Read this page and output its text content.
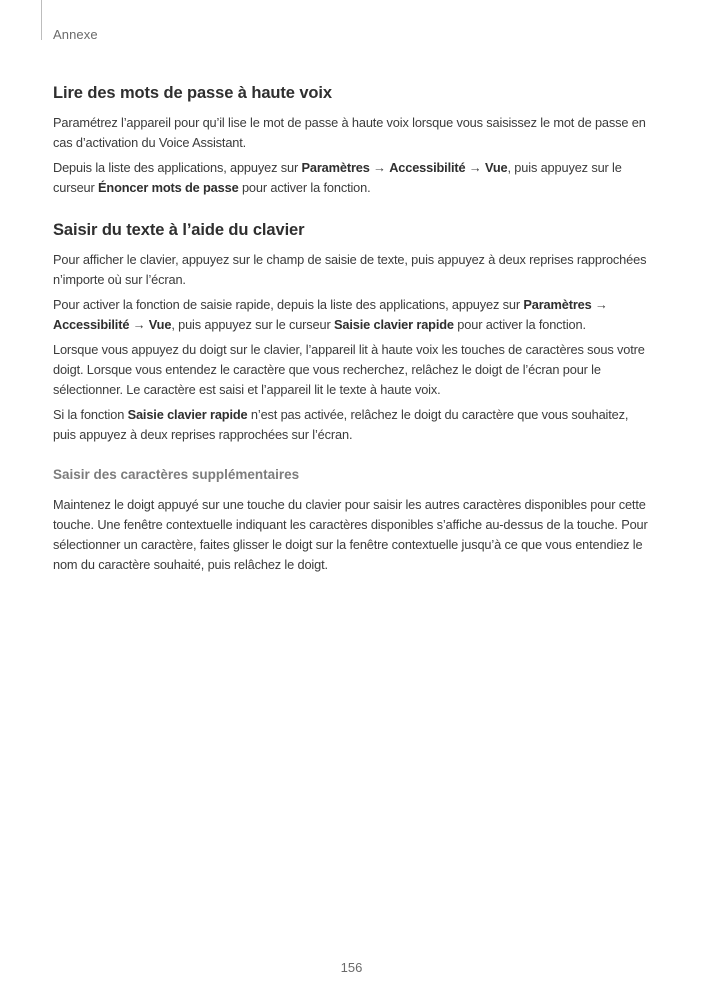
Annexe
Lire des mots de passe à haute voix

Paramétrez l’appareil pour qu’il lise le mot de passe à haute voix lorsque vous saisissez le mot de passe en cas d’activation du Voice Assistant.

Depuis la liste des applications, appuyez sur Paramètres → Accessibilité → Vue, puis appuyez sur le curseur Énoncer mots de passe pour activer la fonction.

Saisir du texte à l’aide du clavier

Pour afficher le clavier, appuyez sur le champ de saisie de texte, puis appuyez à deux reprises rapprochées n’importe où sur l’écran.

Pour activer la fonction de saisie rapide, depuis la liste des applications, appuyez sur Paramètres → Accessibilité → Vue, puis appuyez sur le curseur Saisie clavier rapide pour activer la fonction.

Lorsque vous appuyez du doigt sur le clavier, l’appareil lit à haute voix les touches de caractères sous votre doigt. Lorsque vous entendez le caractère que vous recherchez, relâchez le doigt de l’écran pour le sélectionner. Le caractère est saisi et l’appareil lit le texte à haute voix.

Si la fonction Saisie clavier rapide n’est pas activée, relâchez le doigt du caractère que vous souhaitez, puis appuyez à deux reprises rapprochées sur l’écran.

Saisir des caractères supplémentaires

Maintenez le doigt appuyé sur une touche du clavier pour saisir les autres caractères disponibles pour cette touche. Une fenêtre contextuelle indiquant les caractères disponibles s’affiche au-dessus de la touche. Pour sélectionner un caractère, faites glisser le doigt sur la fenêtre contextuelle jusqu’à ce que vous entendiez le nom du caractère souhaité, puis relâchez le doigt.

156
